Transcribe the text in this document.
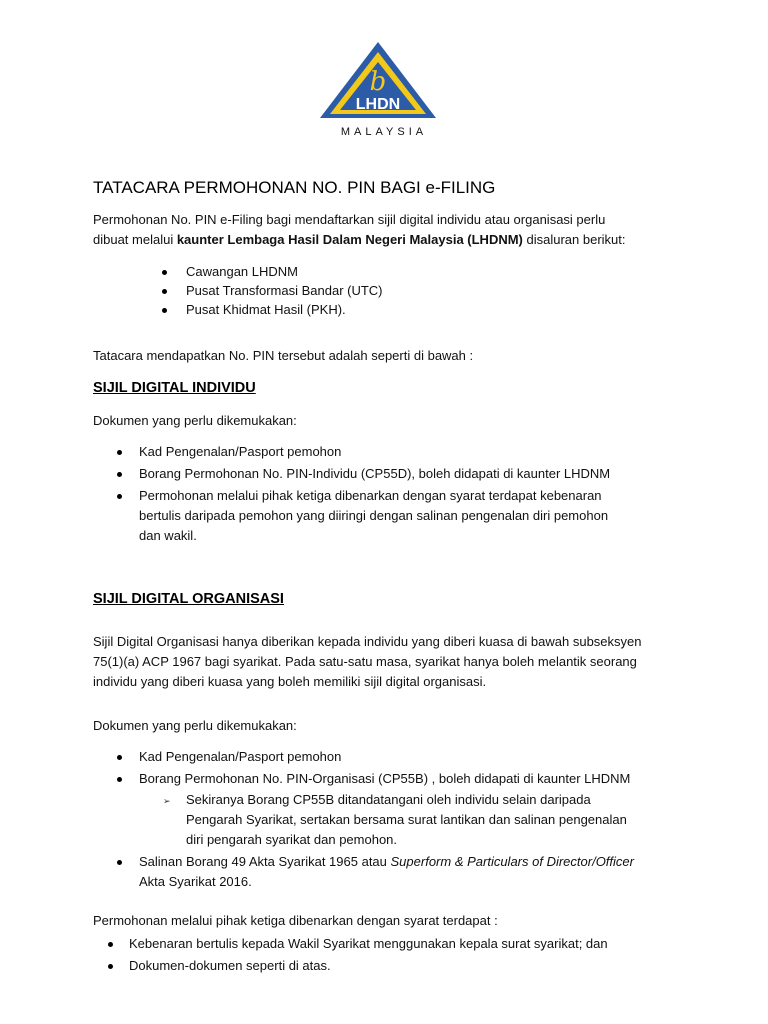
b
LHDN
MALAYSIA
TATACARA PERMOHONAN NO. PIN BAGI e-FILING

Permohonan No. PIN e-Filing bagi mendaftarkan sijil digital individu atau organisasi perlu

dibuat melalui kaunter Lembaga Hasil Dalam Negeri Malaysia (LHDNM) disaluran berikut:

Cawangan LHDNM
Pusat Transformasi Bandar (UTC)
Pusat Khidmat Hasil (PKH).

Tatacara mendapatkan No. PIN tersebut adalah seperti di bawah :

SIJIL DIGITAL INDIVIDU

Dokumen yang perlu dikemukakan:

Kad Pengenalan/Pasport pemohon
Borang Permohonan No. PIN-Individu (CP55D), boleh didapati di kaunter LHDNM
Permohonan melalui pihak ketiga dibenarkan dengan syarat terdapat kebenaran
bertulis daripada pemohon yang diiringi dengan salinan pengenalan diri pemohon
dan wakil.
SIJIL DIGITAL ORGANISASI

Sijil Digital Organisasi hanya diberikan kepada individu yang diberi kuasa di bawah subseksyen

75(1)(a) ACP 1967 bagi syarikat. Pada satu-satu masa, syarikat hanya boleh melantik seorang

individu yang diberi kuasa yang boleh memiliki sijil digital organisasi.

Dokumen yang perlu dikemukakan:

Kad Pengenalan/Pasport pemohon
Borang Permohonan No. PIN-Organisasi (CP55B) , boleh didapati di kaunter LHDNM
➢ Sekiranya Borang CP55B ditandatangani oleh individu selain daripada
Pengarah Syarikat, sertakan bersama surat lantikan dan salinan pengenalan
diri pengarah syarikat dan pemohon.
Salinan Borang 49 Akta Syarikat 1965 atau Superform & Particulars of Director/Officer
Akta Syarikat 2016.

Permohonan melalui pihak ketiga dibenarkan dengan syarat terdapat :

Kebenaran bertulis kepada Wakil Syarikat menggunakan kepala surat syarikat; dan
Dokumen-dokumen seperti di atas.
